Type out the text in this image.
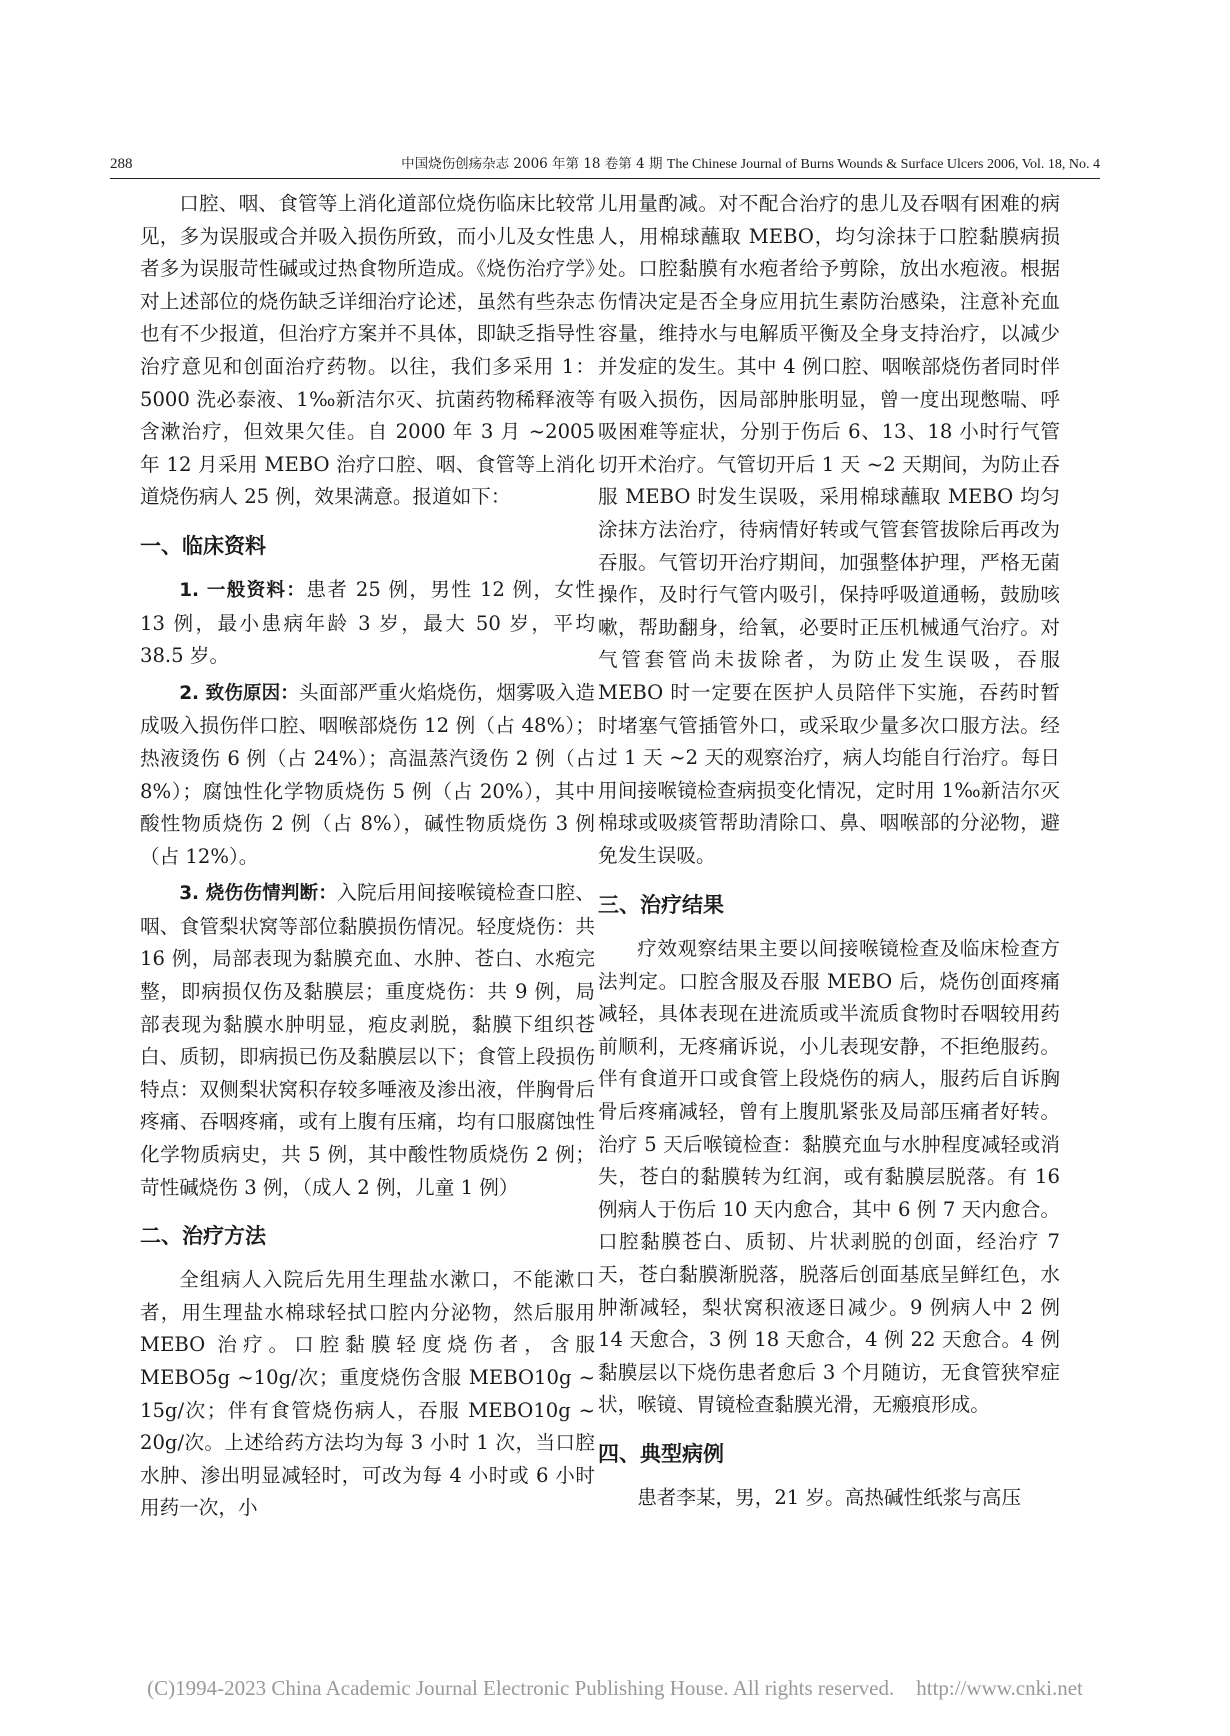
288	中国烧伤创疡杂志 2006 年第 18 卷第 4 期 The Chinese Journal of Burns Wounds & Surface Ulcers 2006, Vol. 18, No. 4

口腔、咽、食管等上消化道部位烧伤临床比较常见，多为误服或合并吸入损伤所致，而小儿及女性患者多为误服苛性碱或过热食物所造成。《烧伤治疗学》对上述部位的烧伤缺乏详细治疗论述，虽然有些杂志也有不少报道，但治疗方案并不具体，即缺乏指导性治疗意见和创面治疗药物。以往，我们多采用 1：5000 洗必泰液、1‰新洁尔灭、抗菌药物稀释液等含漱治疗，但效果欠佳。自 2000 年 3 月 ~2005 年 12 月采用 MEBO 治疗口腔、咽、食管等上消化道烧伤病人 25 例，效果满意。报道如下：

一、临床资料

1. 一般资料：患者 25 例，男性 12 例，女性 13 例，最小患病年龄 3 岁，最大 50 岁，平均 38.5 岁。

2. 致伤原因：头面部严重火焰烧伤，烟雾吸入造成吸入损伤伴口腔、咽喉部烧伤 12 例（占 48%）；热液烫伤 6 例（占 24%）；高温蒸汽烫伤 2 例（占 8%）；腐蚀性化学物质烧伤 5 例（占 20%），其中酸性物质烧伤 2 例（占 8%），碱性物质烧伤 3 例（占 12%）。

3. 烧伤伤情判断：入院后用间接喉镜检查口腔、咽、食管梨状窝等部位黏膜损伤情况。轻度烧伤：共 16 例，局部表现为黏膜充血、水肿、苍白、水疱完整，即病损仅伤及黏膜层；重度烧伤：共 9 例，局部表现为黏膜水肿明显，疱皮剥脱，黏膜下组织苍白、质韧，即病损已伤及黏膜层以下；食管上段损伤特点：双侧梨状窝积存较多唾液及渗出液，伴胸骨后疼痛、吞咽疼痛，或有上腹有压痛，均有口服腐蚀性化学物质病史，共 5 例，其中酸性物质烧伤 2 例；苛性碱烧伤 3 例，（成人 2 例，儿童 1 例）

二、治疗方法

全组病人入院后先用生理盐水漱口，不能漱口者，用生理盐水棉球轻拭口腔内分泌物，然后服用 MEBO 治疗。口腔黏膜轻度烧伤者，含服 MEBO5g ~10g/次；重度烧伤含服 MEBO10g ~ 15g/次；伴有食管烧伤病人，吞服 MEBO10g ~ 20g/次。上述给药方法均为每 3 小时 1 次，当口腔水肿、渗出明显减轻时，可改为每 4 小时或 6 小时用药一次，小

儿用量酌减。对不配合治疗的患儿及吞咽有困难的病人，用棉球蘸取 MEBO，均匀涂抹于口腔黏膜病损处。口腔黏膜有水疱者给予剪除，放出水疱液。根据伤情决定是否全身应用抗生素防治感染，注意补充血容量，维持水与电解质平衡及全身支持治疗，以减少并发症的发生。其中 4 例口腔、咽喉部烧伤者同时伴有吸入损伤，因局部肿胀明显，曾一度出现憋喘、呼吸困难等症状，分别于伤后 6、13、18 小时行气管切开术治疗。气管切开后 1 天 ~2 天期间，为防止吞服 MEBO 时发生误吸，采用棉球蘸取 MEBO 均匀涂抹方法治疗，待病情好转或气管套管拔除后再改为吞服。气管切开治疗期间，加强整体护理，严格无菌操作，及时行气管内吸引，保持呼吸道通畅，鼓励咳嗽，帮助翻身，给氧，必要时正压机械通气治疗。对气管套管尚未拔除者，为防止发生误吸，吞服 MEBO 时一定要在医护人员陪伴下实施，吞药时暂时堵塞气管插管外口，或采取少量多次口服方法。经过 1 天 ~2 天的观察治疗，病人均能自行治疗。每日用间接喉镜检查病损变化情况，定时用 1‰新洁尔灭棉球或吸痰管帮助清除口、鼻、咽喉部的分泌物，避免发生误吸。

三、治疗结果

疗效观察结果主要以间接喉镜检查及临床检查方法判定。口腔含服及吞服 MEBO 后，烧伤创面疼痛减轻，具体表现在进流质或半流质食物时吞咽较用药前顺利，无疼痛诉说，小儿表现安静，不拒绝服药。伴有食道开口或食管上段烧伤的病人，服药后自诉胸骨后疼痛减轻，曾有上腹肌紧张及局部压痛者好转。治疗 5 天后喉镜检查：黏膜充血与水肿程度减轻或消失，苍白的黏膜转为红润，或有黏膜层脱落。有 16 例病人于伤后 10 天内愈合，其中 6 例 7 天内愈合。口腔黏膜苍白、质韧、片状剥脱的创面，经治疗 7 天，苍白黏膜渐脱落，脱落后创面基底呈鲜红色，水肿渐减轻，梨状窝积液逐日减少。9 例病人中 2 例 14 天愈合，3 例 18 天愈合，4 例 22 天愈合。4 例黏膜层以下烧伤患者愈后 3 个月随访，无食管狭窄症状，喉镜、胃镜检查黏膜光滑，无瘢痕形成。

四、典型病例

患者李某，男，21 岁。高热碱性纸浆与高压

(C)1994-2023 China Academic Journal Electronic Publishing House. All rights reserved. http://www.cnki.net
